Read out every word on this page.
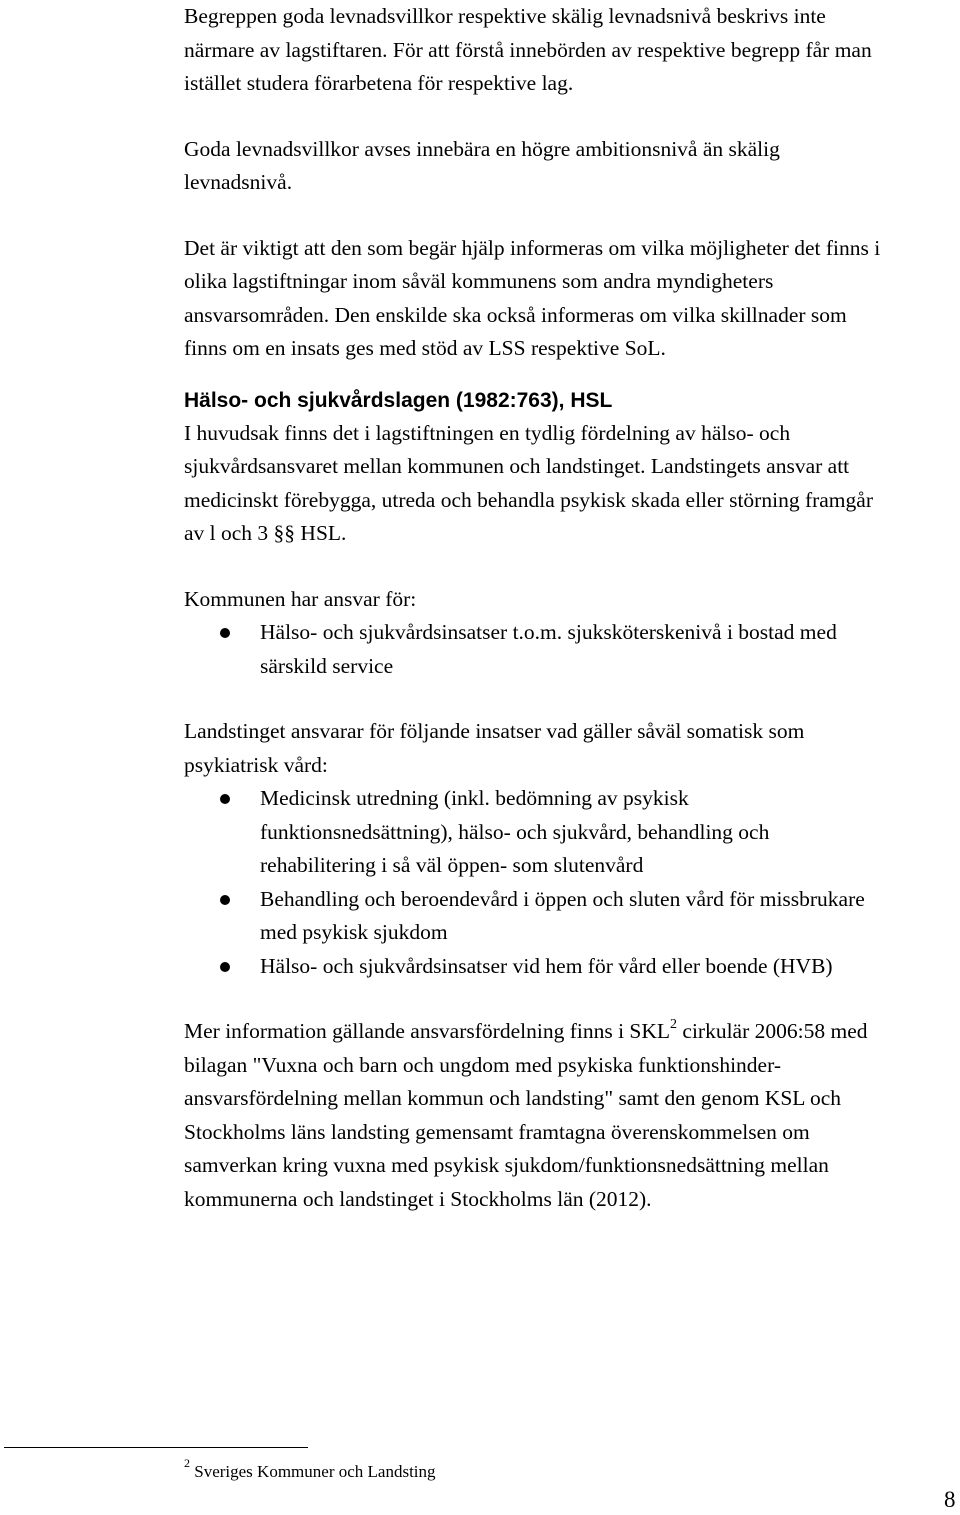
Begreppen goda levnadsvillkor respektive skälig levnadsnivå beskrivs inte närmare av lagstiftaren. För att förstå innebörden av respektive begrepp får man istället studera förarbetena för respektive lag.

Goda levnadsvillkor avses innebära en högre ambitionsnivå än skälig levnadsnivå.

Det är viktigt att den som begär hjälp informeras om vilka möjligheter det finns i olika lagstiftningar inom såväl kommunens som andra myndigheters ansvarsområden. Den enskilde ska också informeras om vilka skillnader som finns om en insats ges med stöd av LSS respektive SoL.

Hälso- och sjukvårdslagen (1982:763), HSL

I huvudsak finns det i lagstiftningen en tydlig fördelning av hälso- och sjukvårdsansvaret mellan kommunen och landstinget. Landstingets ansvar att medicinskt förebygga, utreda och behandla psykisk skada eller störning framgår av l och 3 §§ HSL.

Kommunen har ansvar för:

Hälso- och sjukvårdsinsatser t.o.m. sjuksköterskenivå i bostad med särskild service

Landstinget ansvarar för följande insatser vad gäller såväl somatisk som psykiatrisk vård:

Medicinsk utredning (inkl. bedömning av psykisk funktionsnedsättning), hälso- och sjukvård, behandling och rehabilitering i så väl öppen- som slutenvård
Behandling och beroendevård i öppen och sluten vård för missbrukare med psykisk sjukdom
Hälso- och sjukvårdsinsatser vid hem för vård eller boende (HVB)

Mer information gällande ansvarsfördelning finns i SKL$^2$ cirkulär 2006:58 med bilagan "Vuxna och barn och ungdom med psykiska funktionshinder- ansvarsfördelning mellan kommun och landsting" samt den genom KSL och Stockholms läns landsting gemensamt framtagna överenskommelsen om samverkan kring vuxna med psykisk sjukdom/funktionsnedsättning mellan kommunerna och landstinget i Stockholms län (2012).

$^2$ Sveriges Kommuner och Landsting
8
